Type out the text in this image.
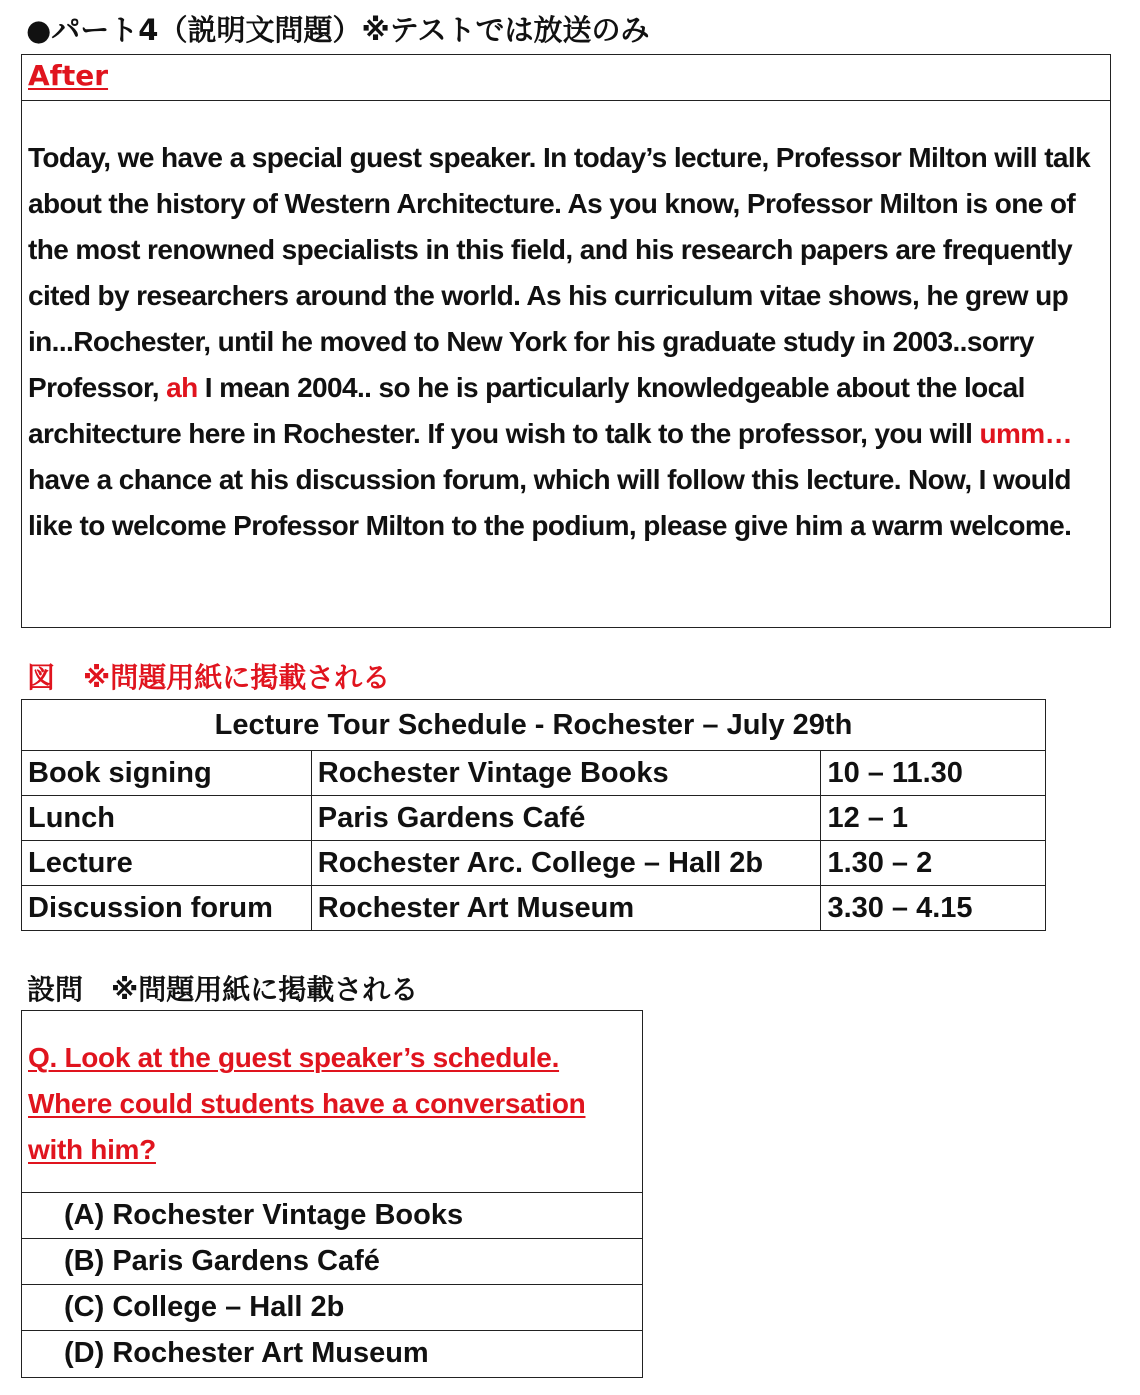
●パート4（説明文問題）※テストでは放送のみ
After
Today, we have a special guest speaker. In today’s lecture, Professor Milton will talk about the history of Western Architecture. As you know, Professor Milton is one of the most renowned specialists in this field, and his research papers are frequently cited by researchers around the world. As his curriculum vitae shows, he grew up in...Rochester, until he moved to New York for his graduate study in 2003..sorry Professor, ah I mean 2004.. so he is particularly knowledgeable about the local architecture here in Rochester. If you wish to talk to the professor, you will umm… have a chance at his discussion forum, which will follow this lecture. Now, I would like to welcome Professor Milton to the podium, please give him a warm welcome.
図　※問題用紙に掲載される
Lecture Tour Schedule - Rochester – July 29th		
Book signing	Rochester Vintage Books	10 – 11.30
Lunch	Paris Gardens Café	12 – 1
Lecture	Rochester Arc. College – Hall 2b	1.30 – 2
Discussion forum	Rochester Art Museum	3.30 – 4.15
設問　※問題用紙に掲載される
Q. Look at the guest speaker’s schedule.
Where could students have a conversation
with him?
(A) Rochester Vintage Books
(B) Paris Gardens Café
(C) College – Hall 2b
(D) Rochester Art Museum
